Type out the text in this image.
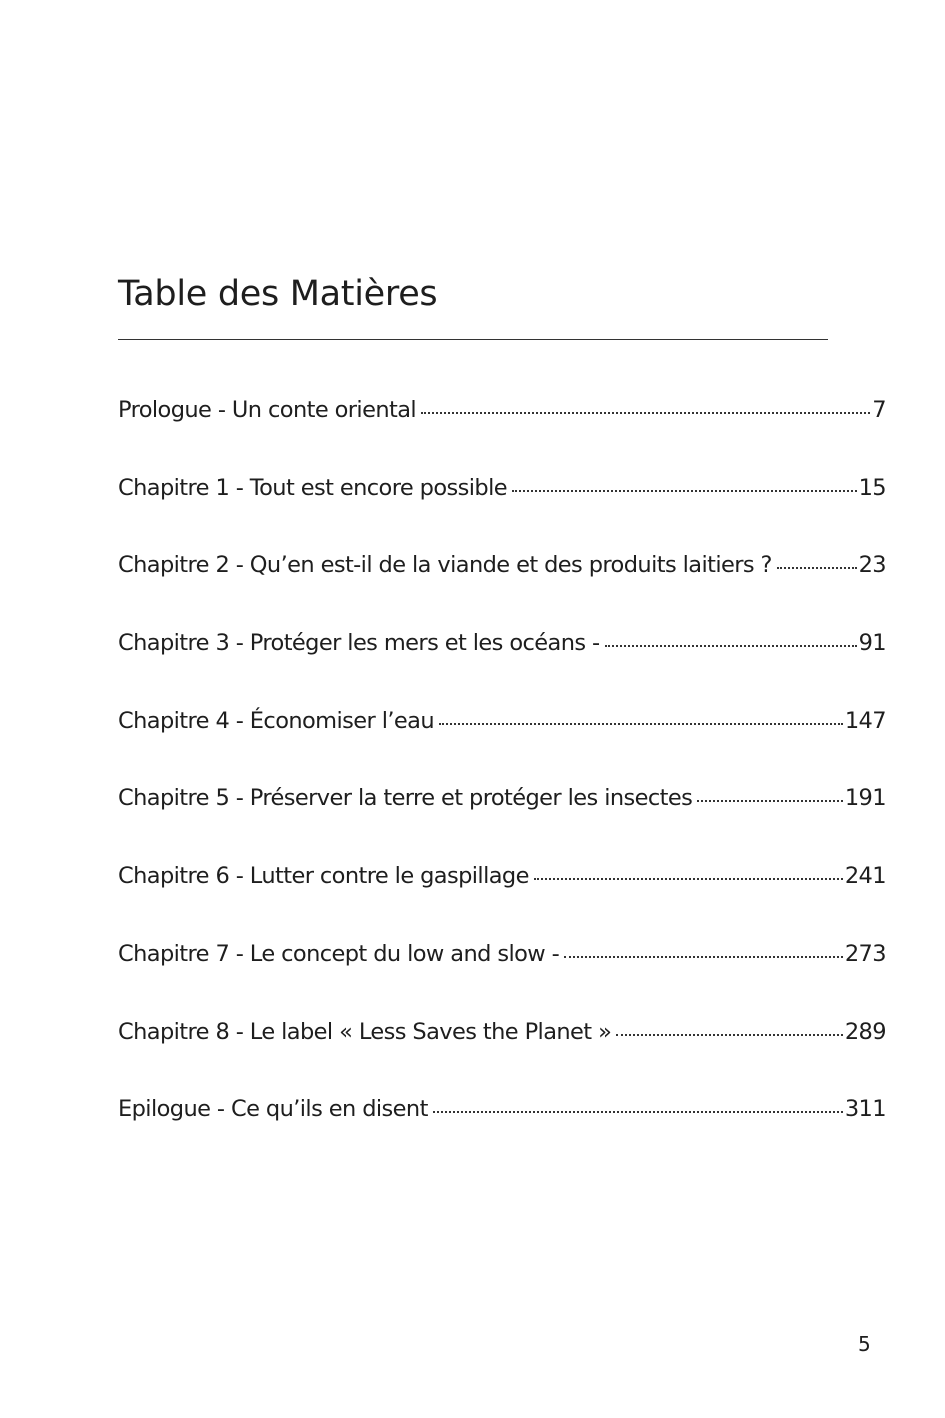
Table des Matières
Prologue - Un conte oriental	7
Chapitre 1 - Tout est encore possible	15
Chapitre 2 - Qu’en est-il de la viande et des produits laitiers ?	23
Chapitre 3 - Protéger les mers et les océans -	91
Chapitre 4 - Économiser l’eau	147
Chapitre 5 - Préserver la terre et protéger les insectes	191
Chapitre 6 - Lutter contre le gaspillage	241
Chapitre 7 - Le concept du low and slow -	273
Chapitre 8 - Le label « Less Saves the Planet »	289
Epilogue - Ce qu’ils en disent	311
5
